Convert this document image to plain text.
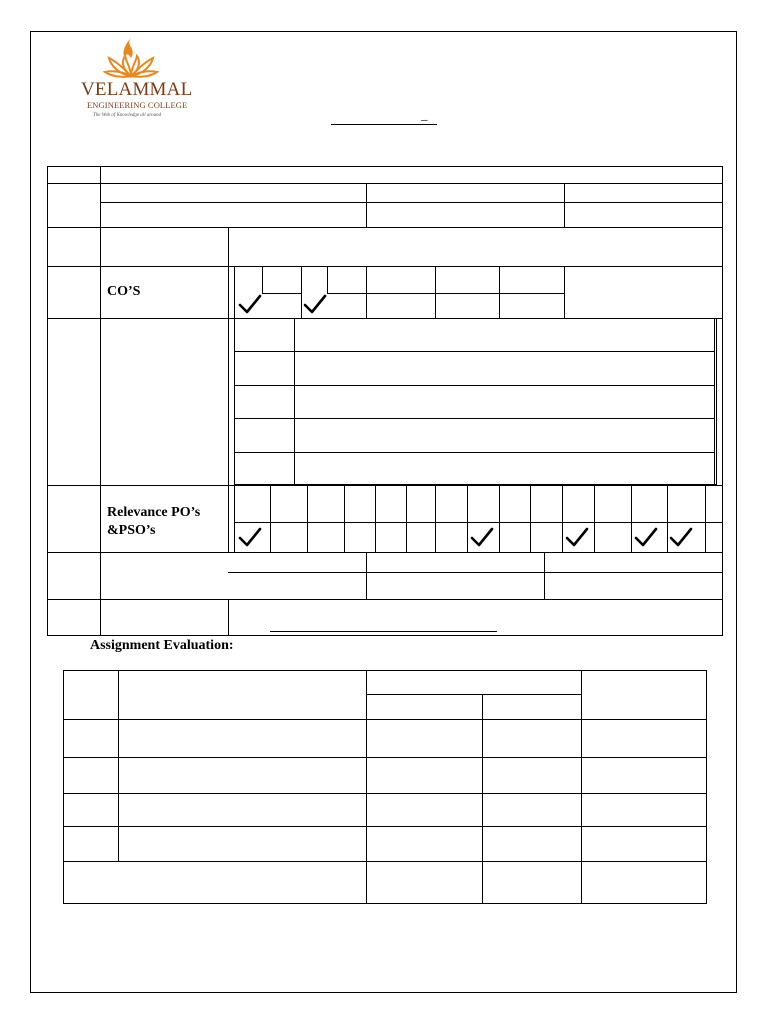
VELAMMAL
ENGINEERING COLLEGE
The Web of Knowledge all around	_
CO’S
Relevance PO’s
&PSO’s
Assignment Evaluation:
